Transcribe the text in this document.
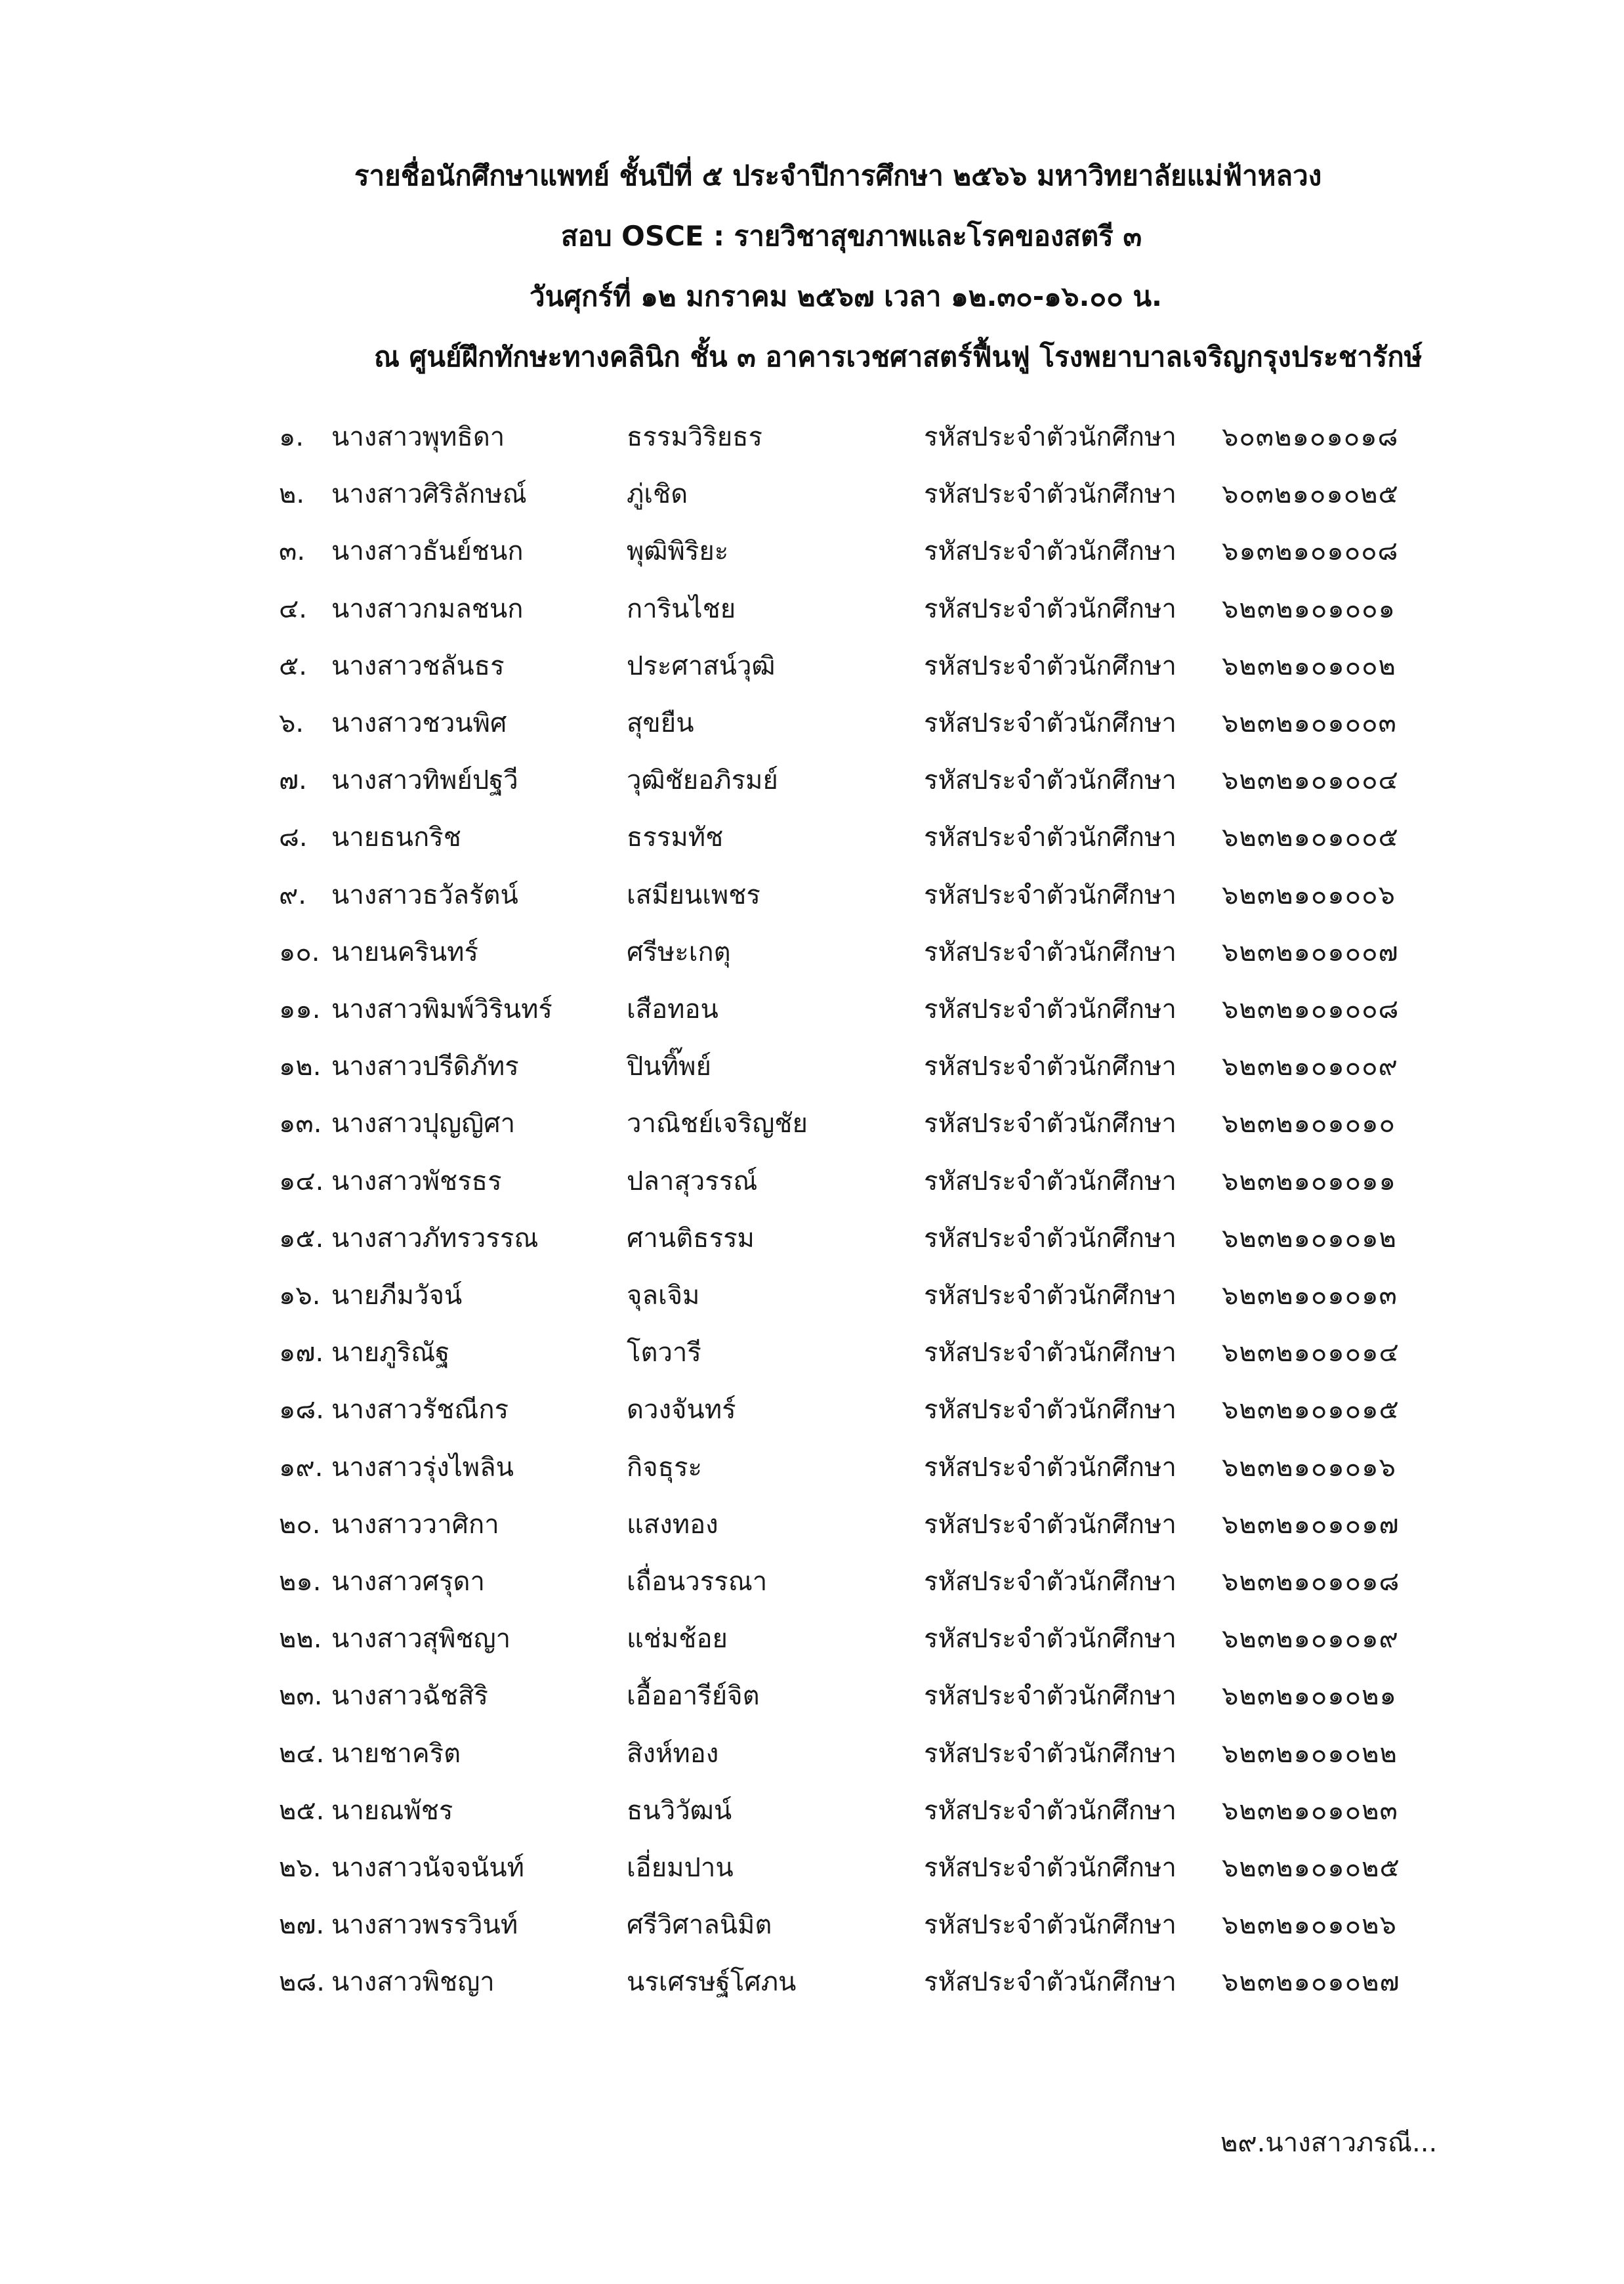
รายชื่อนักศึกษาแพทย์ ชั้นปีที่ ๕ ประจำปีการศึกษา ๒๕๖๖ มหาวิทยาลัยแม่ฟ้าหลวง
สอบ OSCE : รายวิชาสุขภาพและโรคของสตรี ๓
วันศุกร์ที่ ๑๒ มกราคม ๒๕๖๗ เวลา ๑๒.๓๐-๑๖.๐๐ น.
ณ ศูนย์ฝึกทักษะทางคลินิก ชั้น ๓ อาคารเวชศาสตร์ฟื้นฟู โรงพยาบาลเจริญกรุงประชารักษ์
๑. นางสาวพุทธิดา	ธรรมวิริยธร	รหัสประจำตัวนักศึกษา ๖๐๓๒๑๐๑๐๑๘
๒. นางสาวศิริลักษณ์	ภู่เชิด	รหัสประจำตัวนักศึกษา ๖๐๓๒๑๐๑๐๒๕
๓. นางสาวธันย์ชนก	พุฒิพิริยะ	รหัสประจำตัวนักศึกษา ๖๑๓๒๑๐๑๐๐๘
๔. นางสาวกมลชนก	การินไชย	รหัสประจำตัวนักศึกษา ๖๒๓๒๑๐๑๐๐๑
๕. นางสาวชลันธร	ประศาสน์วุฒิ	รหัสประจำตัวนักศึกษา ๖๒๓๒๑๐๑๐๐๒
๖. นางสาวชวนพิศ	สุขยืน	รหัสประจำตัวนักศึกษา ๖๒๓๒๑๐๑๐๐๓
๗. นางสาวทิพย์ปฐวี	วุฒิชัยอภิรมย์	รหัสประจำตัวนักศึกษา ๖๒๓๒๑๐๑๐๐๔
๘. นายธนกริช	ธรรมทัช	รหัสประจำตัวนักศึกษา ๖๒๓๒๑๐๑๐๐๕
๙. นางสาวธวัลรัตน์	เสมียนเพชร	รหัสประจำตัวนักศึกษา ๖๒๓๒๑๐๑๐๐๖
๑๐. นายนครินทร์	ศรีษะเกตุ	รหัสประจำตัวนักศึกษา ๖๒๓๒๑๐๑๐๐๗
๑๑. นางสาวพิมพ์วิรินทร์	เสือทอน	รหัสประจำตัวนักศึกษา ๖๒๓๒๑๐๑๐๐๘
๑๒. นางสาวปรีดิภัทร	ปินทิ๊พย์	รหัสประจำตัวนักศึกษา ๖๒๓๒๑๐๑๐๐๙
๑๓. นางสาวปุญญิศา	วาณิชย์เจริญชัย	รหัสประจำตัวนักศึกษา ๖๒๓๒๑๐๑๐๑๐
๑๔. นางสาวพัชรธร	ปลาสุวรรณ์	รหัสประจำตัวนักศึกษา ๖๒๓๒๑๐๑๐๑๑
๑๕. นางสาวภัทรวรรณ	ศานติธรรม	รหัสประจำตัวนักศึกษา ๖๒๓๒๑๐๑๐๑๒
๑๖. นายภีมวัจน์	จุลเจิม	รหัสประจำตัวนักศึกษา ๖๒๓๒๑๐๑๐๑๓
๑๗. นายภูริณัฐ	โตวารี	รหัสประจำตัวนักศึกษา ๖๒๓๒๑๐๑๐๑๔
๑๘. นางสาวรัชณีกร	ดวงจันทร์	รหัสประจำตัวนักศึกษา ๖๒๓๒๑๐๑๐๑๕
๑๙. นางสาวรุ่งไพลิน	กิจธุระ	รหัสประจำตัวนักศึกษา ๖๒๓๒๑๐๑๐๑๖
๒๐. นางสาววาศิกา	แสงทอง	รหัสประจำตัวนักศึกษา ๖๒๓๒๑๐๑๐๑๗
๒๑. นางสาวศรุดา	เถื่อนวรรณา	รหัสประจำตัวนักศึกษา ๖๒๓๒๑๐๑๐๑๘
๒๒. นางสาวสุพิชญา	แช่มช้อย	รหัสประจำตัวนักศึกษา ๖๒๓๒๑๐๑๐๑๙
๒๓. นางสาวฉัชสิริ	เอื้ออารีย์จิต	รหัสประจำตัวนักศึกษา ๖๒๓๒๑๐๑๐๒๑
๒๔. นายชาคริต	สิงห์ทอง	รหัสประจำตัวนักศึกษา ๖๒๓๒๑๐๑๐๒๒
๒๕. นายณพัชร	ธนวิวัฒน์	รหัสประจำตัวนักศึกษา ๖๒๓๒๑๐๑๐๒๓
๒๖. นางสาวนัจจนันท์	เอี่ยมปาน	รหัสประจำตัวนักศึกษา ๖๒๓๒๑๐๑๐๒๕
๒๗. นางสาวพรรวินท์	ศรีวิศาลนิมิต	รหัสประจำตัวนักศึกษา ๖๒๓๒๑๐๑๐๒๖
๒๘. นางสาวพิชญา	นรเศรษฐ์โศภน	รหัสประจำตัวนักศึกษา ๖๒๓๒๑๐๑๐๒๗
๒๙.นางสาวภรณี...
